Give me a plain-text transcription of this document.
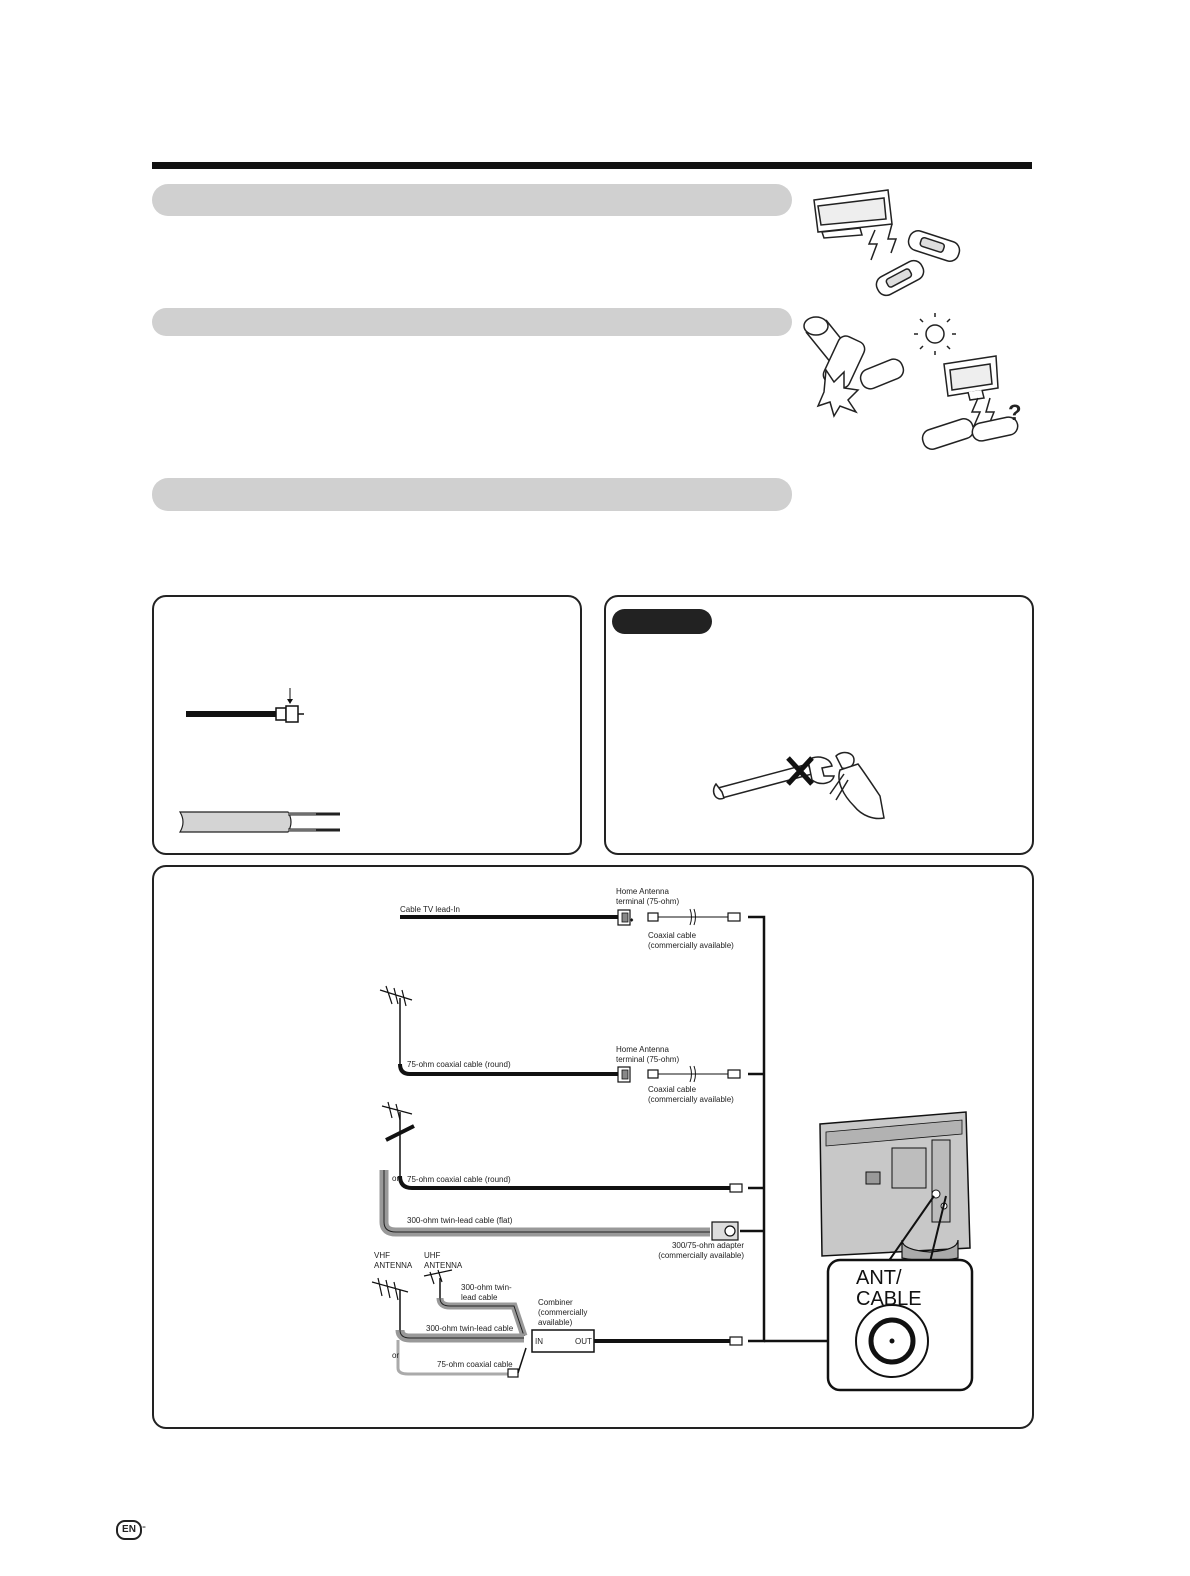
?
♦
Cable TV lead-In
Home Antenna terminal (75-ohm)
Coaxial cable (commercially available)
75-ohm coaxial cable (round)
Home Antenna terminal (75-ohm)
Coaxial cable (commercially available)
or 75-ohm coaxial cable (round)
300-ohm twin-lead cable (flat)
300/75-ohm adapter (commercially available)
VHF ANTENNA
UHF ANTENNA
300-ohm twin-lead cable
Combiner (commercially available)
IN	OUT
300-ohm twin-lead cable
or
75-ohm coaxial cable
ANT/ CABLE
EN -
